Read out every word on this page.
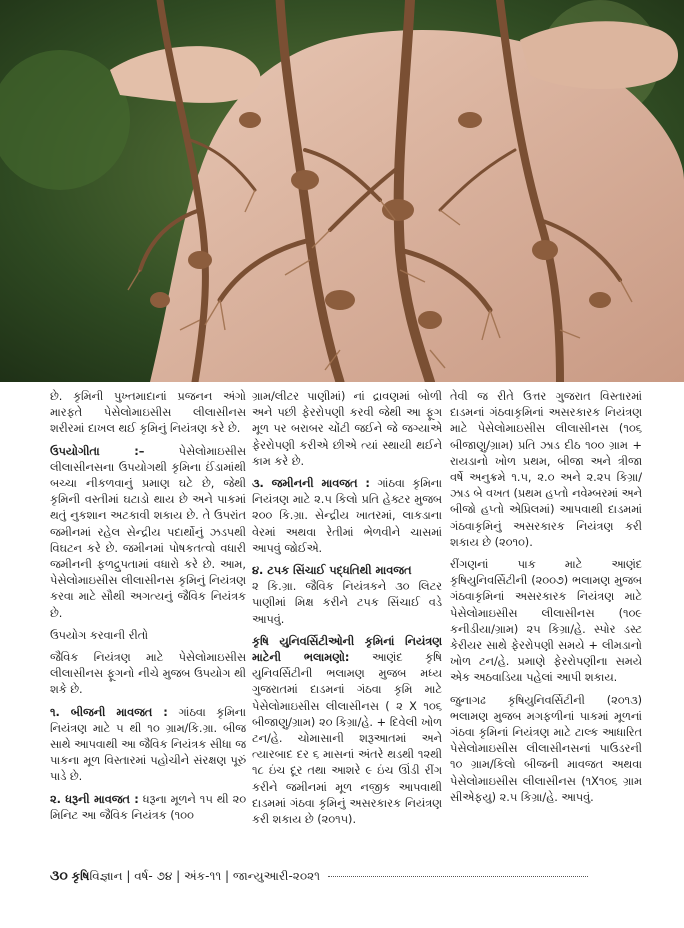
છે. કૃમિની પુખ્તમાદાનાં પ્રજનન અંગો મારફતે પેસેલોમાઇસીસ લીલાસીનસ શરીરમાં દાખલ થઈ કૃમિનું નિયંત્રણ કરે છે.

ઉપયોગીતા :– પેસેલોમાઇસીસ લીલાસીનસના ઉપયોગથી કૃમિના ઈંડામાંથી બચ્ચા નીકળવાનું પ્રમાણ ઘટે છે, જેથી કૃમિની વસ્તીમાં ઘટાડો થાય છે અને પાકમાં થતું નુકશાન અટકાવી શકાય છે. તે ઉપરાંત જમીનમાં રહેલ સેન્દ્રીય પદાર્થોનું ઝડપથી વિઘટન કરે છે. જમીનમાં પોષકતત્વો વધારી જમીનની ફળદ્રુપતામાં વધારો કરે છે. આમ, પેસેલોમાઇસીસ લીલાસીનસ કૃમિનું નિયંત્રણ કરવા માટે સૌથી અગત્યનું જૈવિક નિયંત્રક છે.

ઉપયોગ કરવાની રીતો

જૈવિક નિયંત્રણ માટે પેસેલોમાઇસીસ લીલાસીનસ ફૂગનો નીચે મુજબ ઉપયોગ થી શકે છે.

૧. બીજની માવજત : ગાંઠવા કૃમિના નિયંત્રણ માટે ૫ થી ૧૦ ગ્રામ/કિ.ગ્રા. બીજ સાથે આપવાથી આ જૈવિક નિયંત્રક સીધા જ પાકના મૂળ વિસ્તારમાં પહોચીને સંરક્ષણ પૂરું પાડે છે.

૨. ધરૂની માવજત : ધરૂના મૂળને ૧૫ થી ૨૦ મિનિટ આ જૈવિક નિયંત્રક (૧૦૦

ગ્રામ/લીટર પાણીમાં) નાં દ્રાવણમાં બોળી અને પછી ફેરરોપણી કરવી જેથી આ ફૂગ મૂળ પર બરાબર ચોંટી જઈને જે જગ્યાએ ફેરરોપણી કરીએ છીએ ત્યાં સ્થાયી થઈને કામ કરે છે.

૩. જમીનની માવજત : ગાંઠવા કૃમિના નિયંત્રણ માટે ૨.૫ કિલો પ્રતિ હેક્ટર મુજબ ૨૦૦ કિ.ગ્રા. સેન્દ્રીય ખાતરમાં, લાકડાના વેરમાં અથવા રેતીમાં ભેળવીને ચાસમાં આપવું જોઈએ.

૪. ટપક સિંચાઈ પદ્ધતિથી માવજત
૨ કિ.ગ્રા. જૈવિક નિયંત્રકને ૩૦ લિટર પાણીમાં મિક્ષ કરીને ટપક સિંચાઈ વડે આપવું.

કૃષિ યુનિવર્સિટીઓની કૃમિનાં નિયંત્રણ માટેની ભલામણો: આણંદ કૃષિ યુનિવર્સિટીની ભલામણ મુજબ મધ્ય ગુજરાતમાં દાડમનાં ગંઠવા કૃમિ માટે પેસેલોમાઇસીસ લીલાસીનસ ( ૨ X ૧૦૬ બીજાણુ/ગ્રામ) ૨૦ કિગ્રા/હે. + દિવેલી ખોળ ટન/હે. ચોમાસાની શરૂઆતમાં અને ત્યારબાદ દર ૬ માસનાં અંતરે થડથી ૧૨થી ૧૮ ઇંચ દૂર તથા આશરે ૯ ઇંચ ઊંડી રીંગ કરીને જમીનમાં મૂળ નજીક આપવાથી દાડમમાં ગંઠવા કૃમિનું અસરકારક નિયંત્રણ કરી શકાય છે (૨૦૧૫).

તેવી જ રીતે ઉત્તર ગુજરાત વિસ્તારમાં દાડમનાં ગંઠવાકૃમિનાં અસરકારક નિયંત્રણ માટે પેસેલોમાઇસીસ લીલાસીનસ (૧૦૬ બીજાણુ/ગ્રામ) પ્રતિ ઝાડ દીઠ ૧૦૦ ગ્રામ + રાયડાનો ખોળ પ્રથમ, બીજા અને ત્રીજા વર્ષે અનુક્રમે ૧.૫, ૨.૦ અને ૨.૨૫ કિગ્રા/ઝાડ બે વખત (પ્રથમ હપ્તો નવેમ્બરમાં અને બીજો હપ્તો એપ્રિલમાં) આપવાથી દાડમમાં ગંઠવાકૃમિનું અસરકારક નિયંત્રણ કરી શકાય છે (૨૦૧૦).

રીંગણનાં પાક માટે આણંદ કૃષિયુનિવર્સિટીની (૨૦૦૭) ભલામણ મુજબ ગંઠવાકૃમિનાં અસરકારક નિયંત્રણ માટે પેસેલોમાઇસીસ લીલાસીનસ (૧૦૯ કનીડીયા/ગ્રામ) ૨૫ કિગ્રા/હે. સ્પોર ડસ્ટ કેરીયર સાથે ફેરરોપણી સમયે + લીમડાનો ખોળ ટન/હે. પ્રમાણે ફેરરોપણીના સમયે એક અઠવાડિયા પહેલાં આપી શકાય.

જુનાગઢ કૃષિયુનિવર્સિટીની (૨૦૧૩) ભલામણ મુજબ મગફળીનાં પાકમાં મૂળનાં ગંઠવા કૃમિનાં નિયંત્રણ માટે ટાલ્ક આધારિત પેસેલોમાઇસીસ લીલાસીનસનાં પાઉડરની ૧૦ ગ્રામ/કિલો બીજની માવજત અથવા પેસેલોમાઇસીસ લીલાસીનસ (૧X૧૦૬ ગ્રામ સીએફયુ) ૨.૫ કિગ્રા/હે. આપવું.

૩૦ કૃષિવિજ્ઞાન | વર્ષ- ૭૪ | અંક-૧૧ | જાન્યુઆરી-૨૦૨૧
